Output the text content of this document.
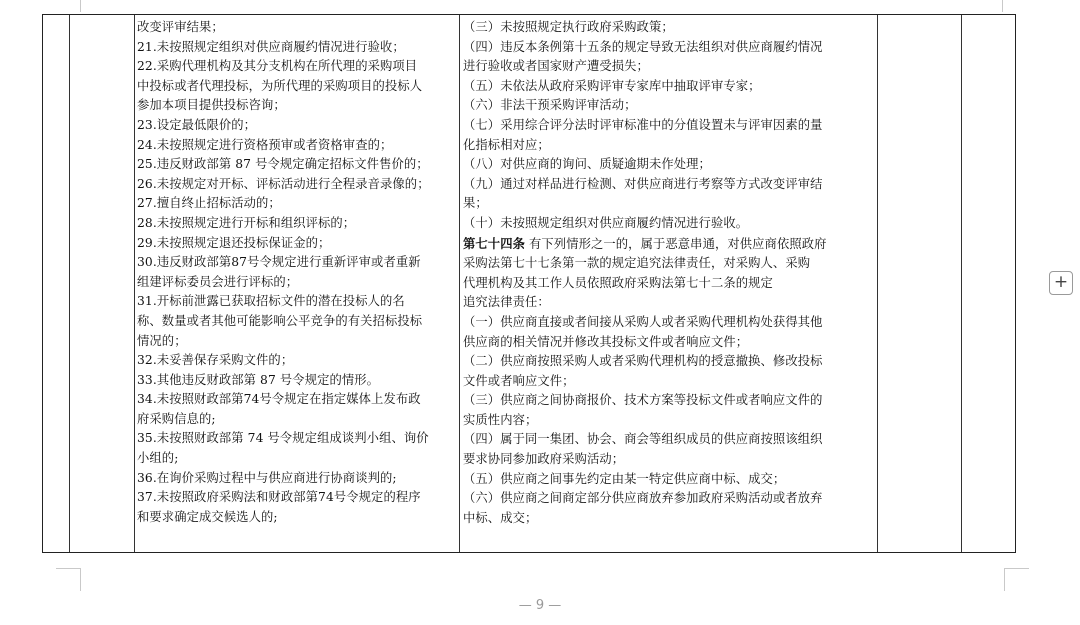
改变评审结果；
21.未按照规定组织对供应商履约情况进行验收；
22.采购代理机构及其分支机构在所代理的采购项目
中投标或者代理投标，为所代理的采购项目的投标人
参加本项目提供投标咨询；
23.设定最低限价的；
24.未按照规定进行资格预审或者资格审查的；
25.违反财政部第 87 号令规定确定招标文件售价的；
26.未按规定对开标、评标活动进行全程录音录像的；
27.擅自终止招标活动的；
28.未按照规定进行开标和组织评标的；
29.未按照规定退还投标保证金的；
30.违反财政部第87号令规定进行重新评审或者重新
组建评标委员会进行评标的；
31.开标前泄露已获取招标文件的潜在投标人的名
称、数量或者其他可能影响公平竞争的有关招标投标
情况的；
32.未妥善保存采购文件的；
33.其他违反财政部第 87 号令规定的情形。
34.未按照财政部第74号令规定在指定媒体上发布政
府采购信息的;
35.未按照财政部第 74 号令规定组成谈判小组、询价
小组的;
36.在询价采购过程中与供应商进行协商谈判的;
37.未按照政府采购法和财政部第74号令规定的程序
和要求确定成交候选人的;
（三）未按照规定执行政府采购政策；
（四）违反本条例第十五条的规定导致无法组织对供应商履约情况
进行验收或者国家财产遭受损失；
（五）未依法从政府采购评审专家库中抽取评审专家；
（六）非法干预采购评审活动；
（七）采用综合评分法时评审标准中的分值设置未与评审因素的量
化指标相对应；
（八）对供应商的询问、质疑逾期未作处理；
（九）通过对样品进行检测、对供应商进行考察等方式改变评审结
果；
（十）未按照规定组织对供应商履约情况进行验收。
第七十四条 有下列情形之一的，属于恶意串通，对供应商依照政府
采购法第七十七条第一款的规定追究法律责任，对采购人、采购
代理机构及其工作人员依照政府采购法第七十二条的规定
追究法律责任：
（一）供应商直接或者间接从采购人或者采购代理机构处获得其他
供应商的相关情况并修改其投标文件或者响应文件；
（二）供应商按照采购人或者采购代理机构的授意撤换、修改投标
文件或者响应文件；
（三）供应商之间协商报价、技术方案等投标文件或者响应文件的
实质性内容；
（四）属于同一集团、协会、商会等组织成员的供应商按照该组织
要求协同参加政府采购活动；
（五）供应商之间事先约定由某一特定供应商中标、成交；
（六）供应商之间商定部分供应商放弃参加政府采购活动或者放弃
中标、成交；
+
— 9 —
